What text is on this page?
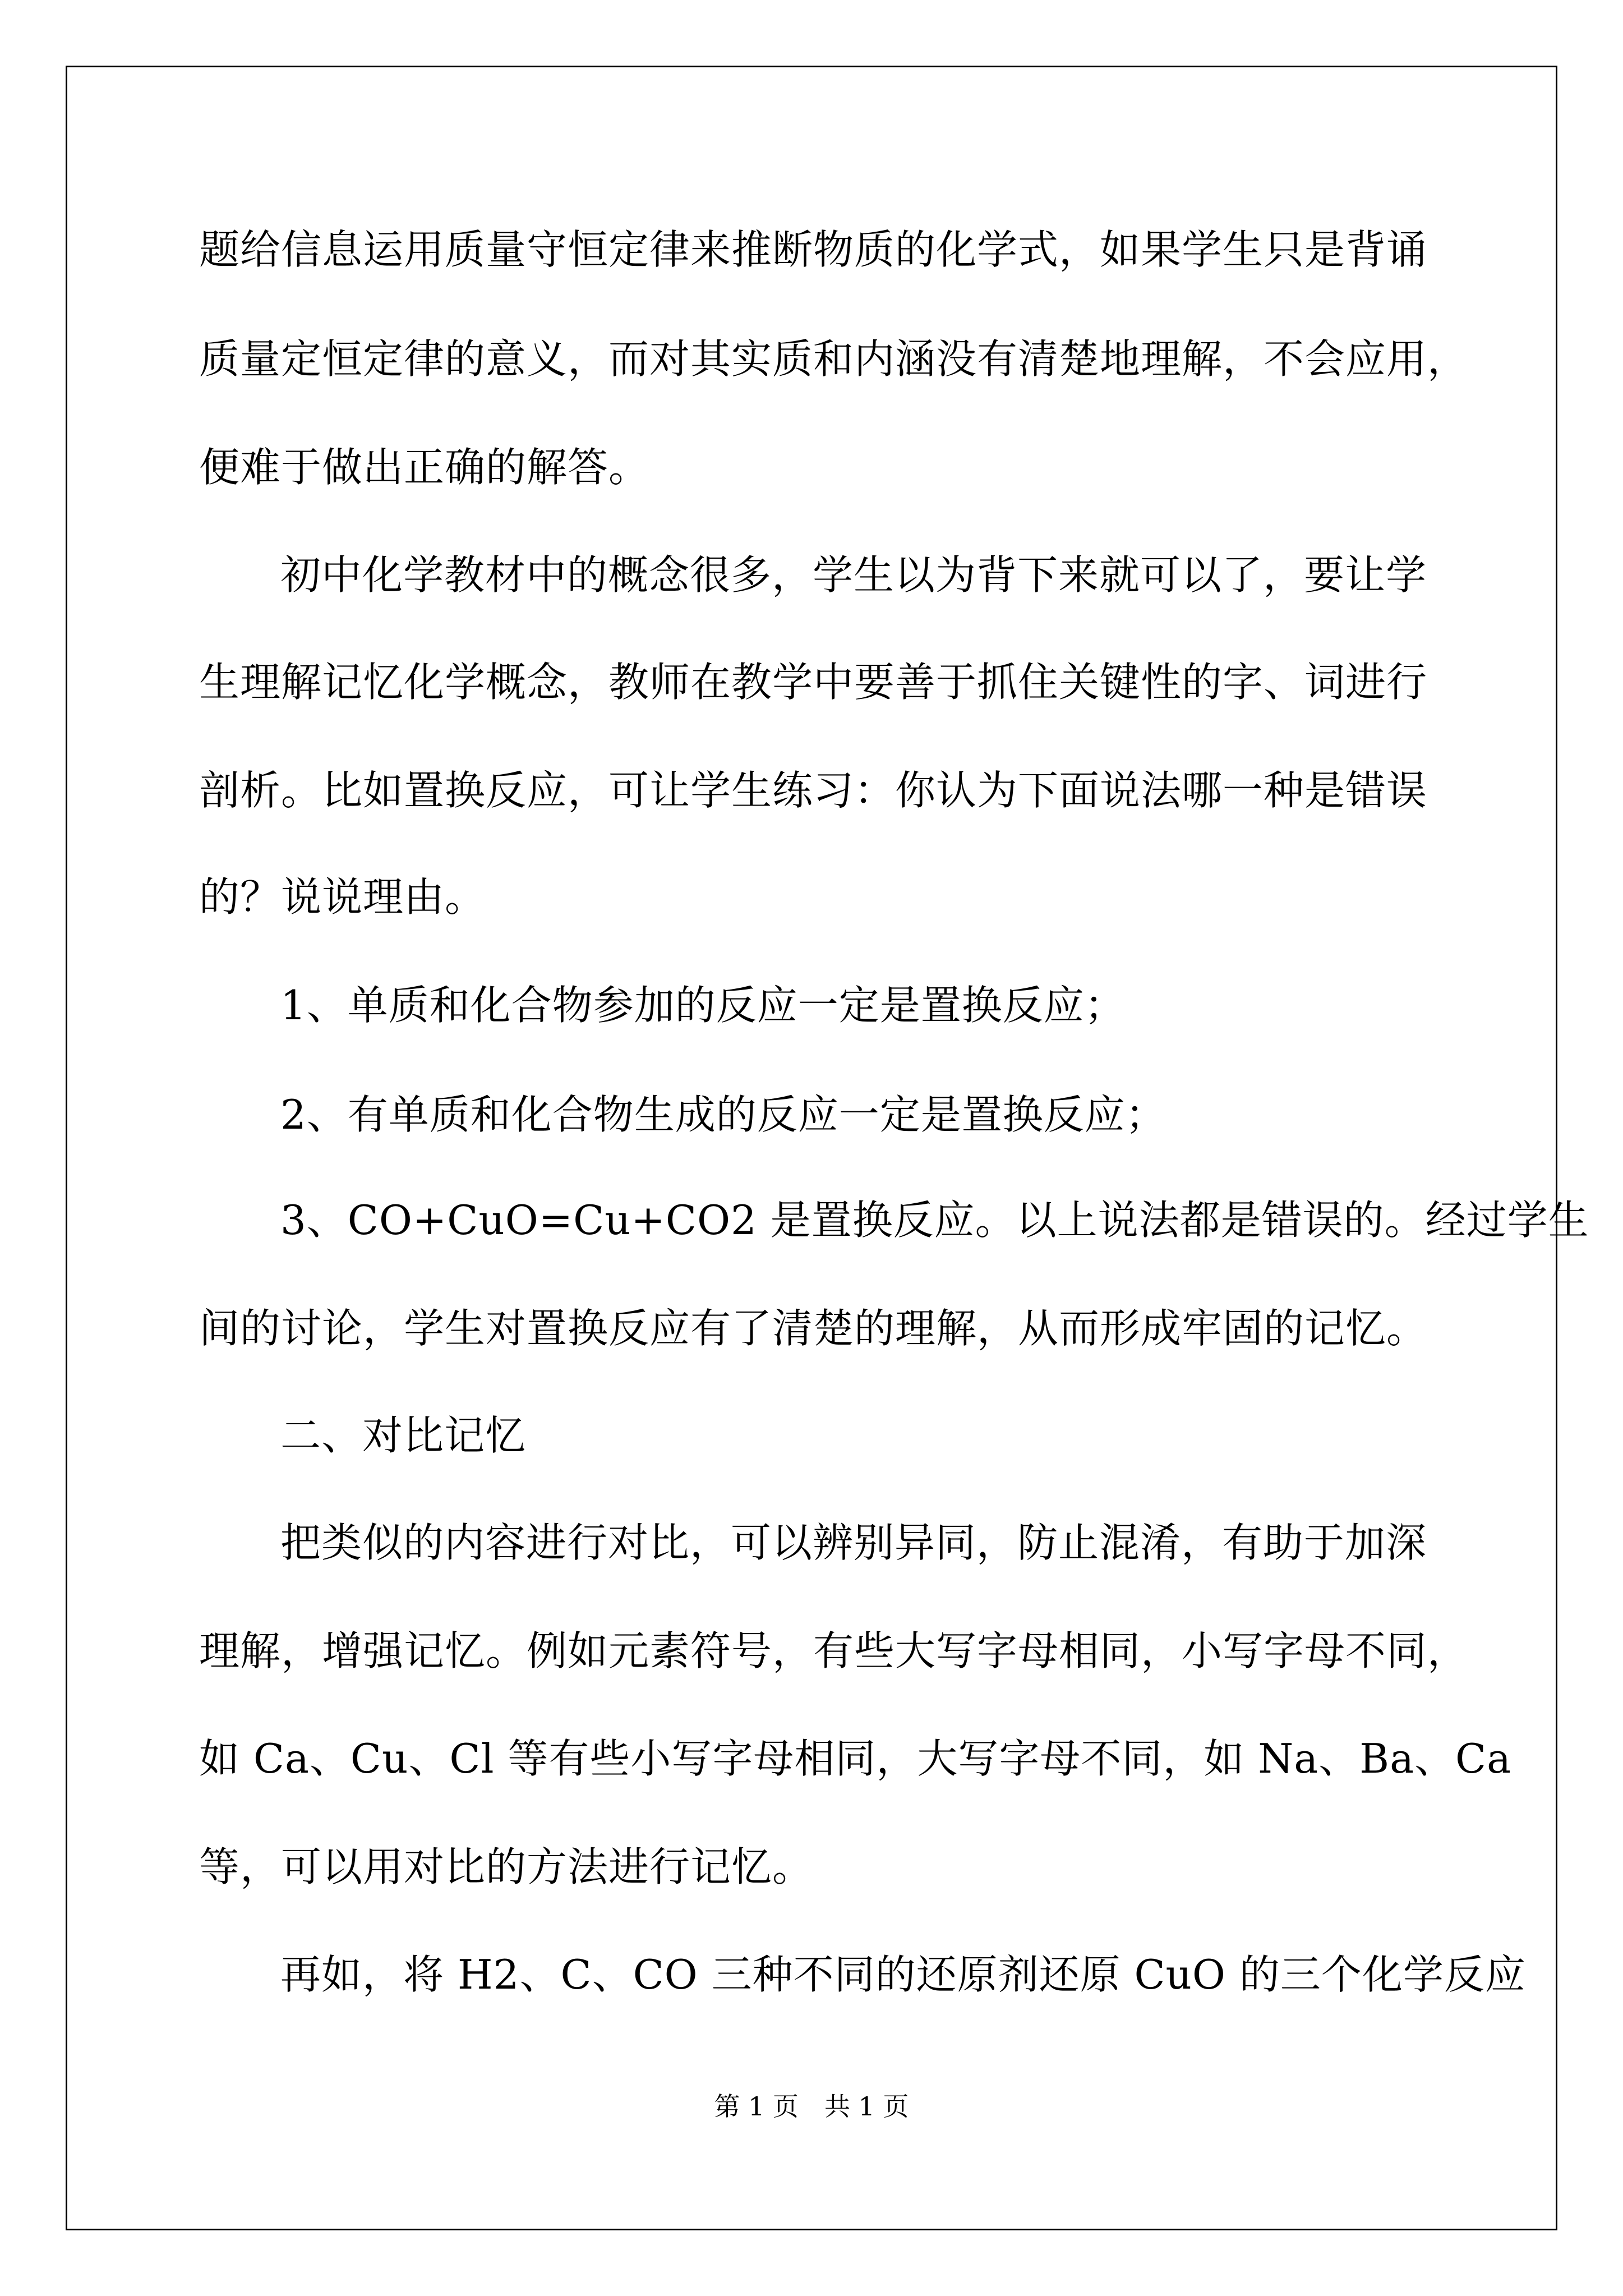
题给信息运用质量守恒定律来推断物质的化学式，如果学生只是背诵
质量定恒定律的意义，而对其实质和内涵没有清楚地理解，不会应用，
便难于做出正确的解答。
初中化学教材中的概念很多，学生以为背下来就可以了，要让学
生理解记忆化学概念，教师在教学中要善于抓住关键性的字、词进行
剖析。比如置换反应，可让学生练习：你认为下面说法哪一种是错误
的？说说理由。
1、单质和化合物参加的反应一定是置换反应；
2、有单质和化合物生成的反应一定是置换反应；
3、CO+CuO=Cu+CO2 是置换反应。以上说法都是错误的。经过学生
间的讨论，学生对置换反应有了清楚的理解，从而形成牢固的记忆。
二、对比记忆
把类似的内容进行对比，可以辨别异同，防止混淆，有助于加深
理解，增强记忆。例如元素符号，有些大写字母相同，小写字母不同，
如 Ca、Cu、Cl 等有些小写字母相同，大写字母不同，如 Na、Ba、Ca
等，可以用对比的方法进行记忆。
再如，将 H2、C、CO 三种不同的还原剂还原 CuO 的三个化学反应
第 1 页　共 1 页
